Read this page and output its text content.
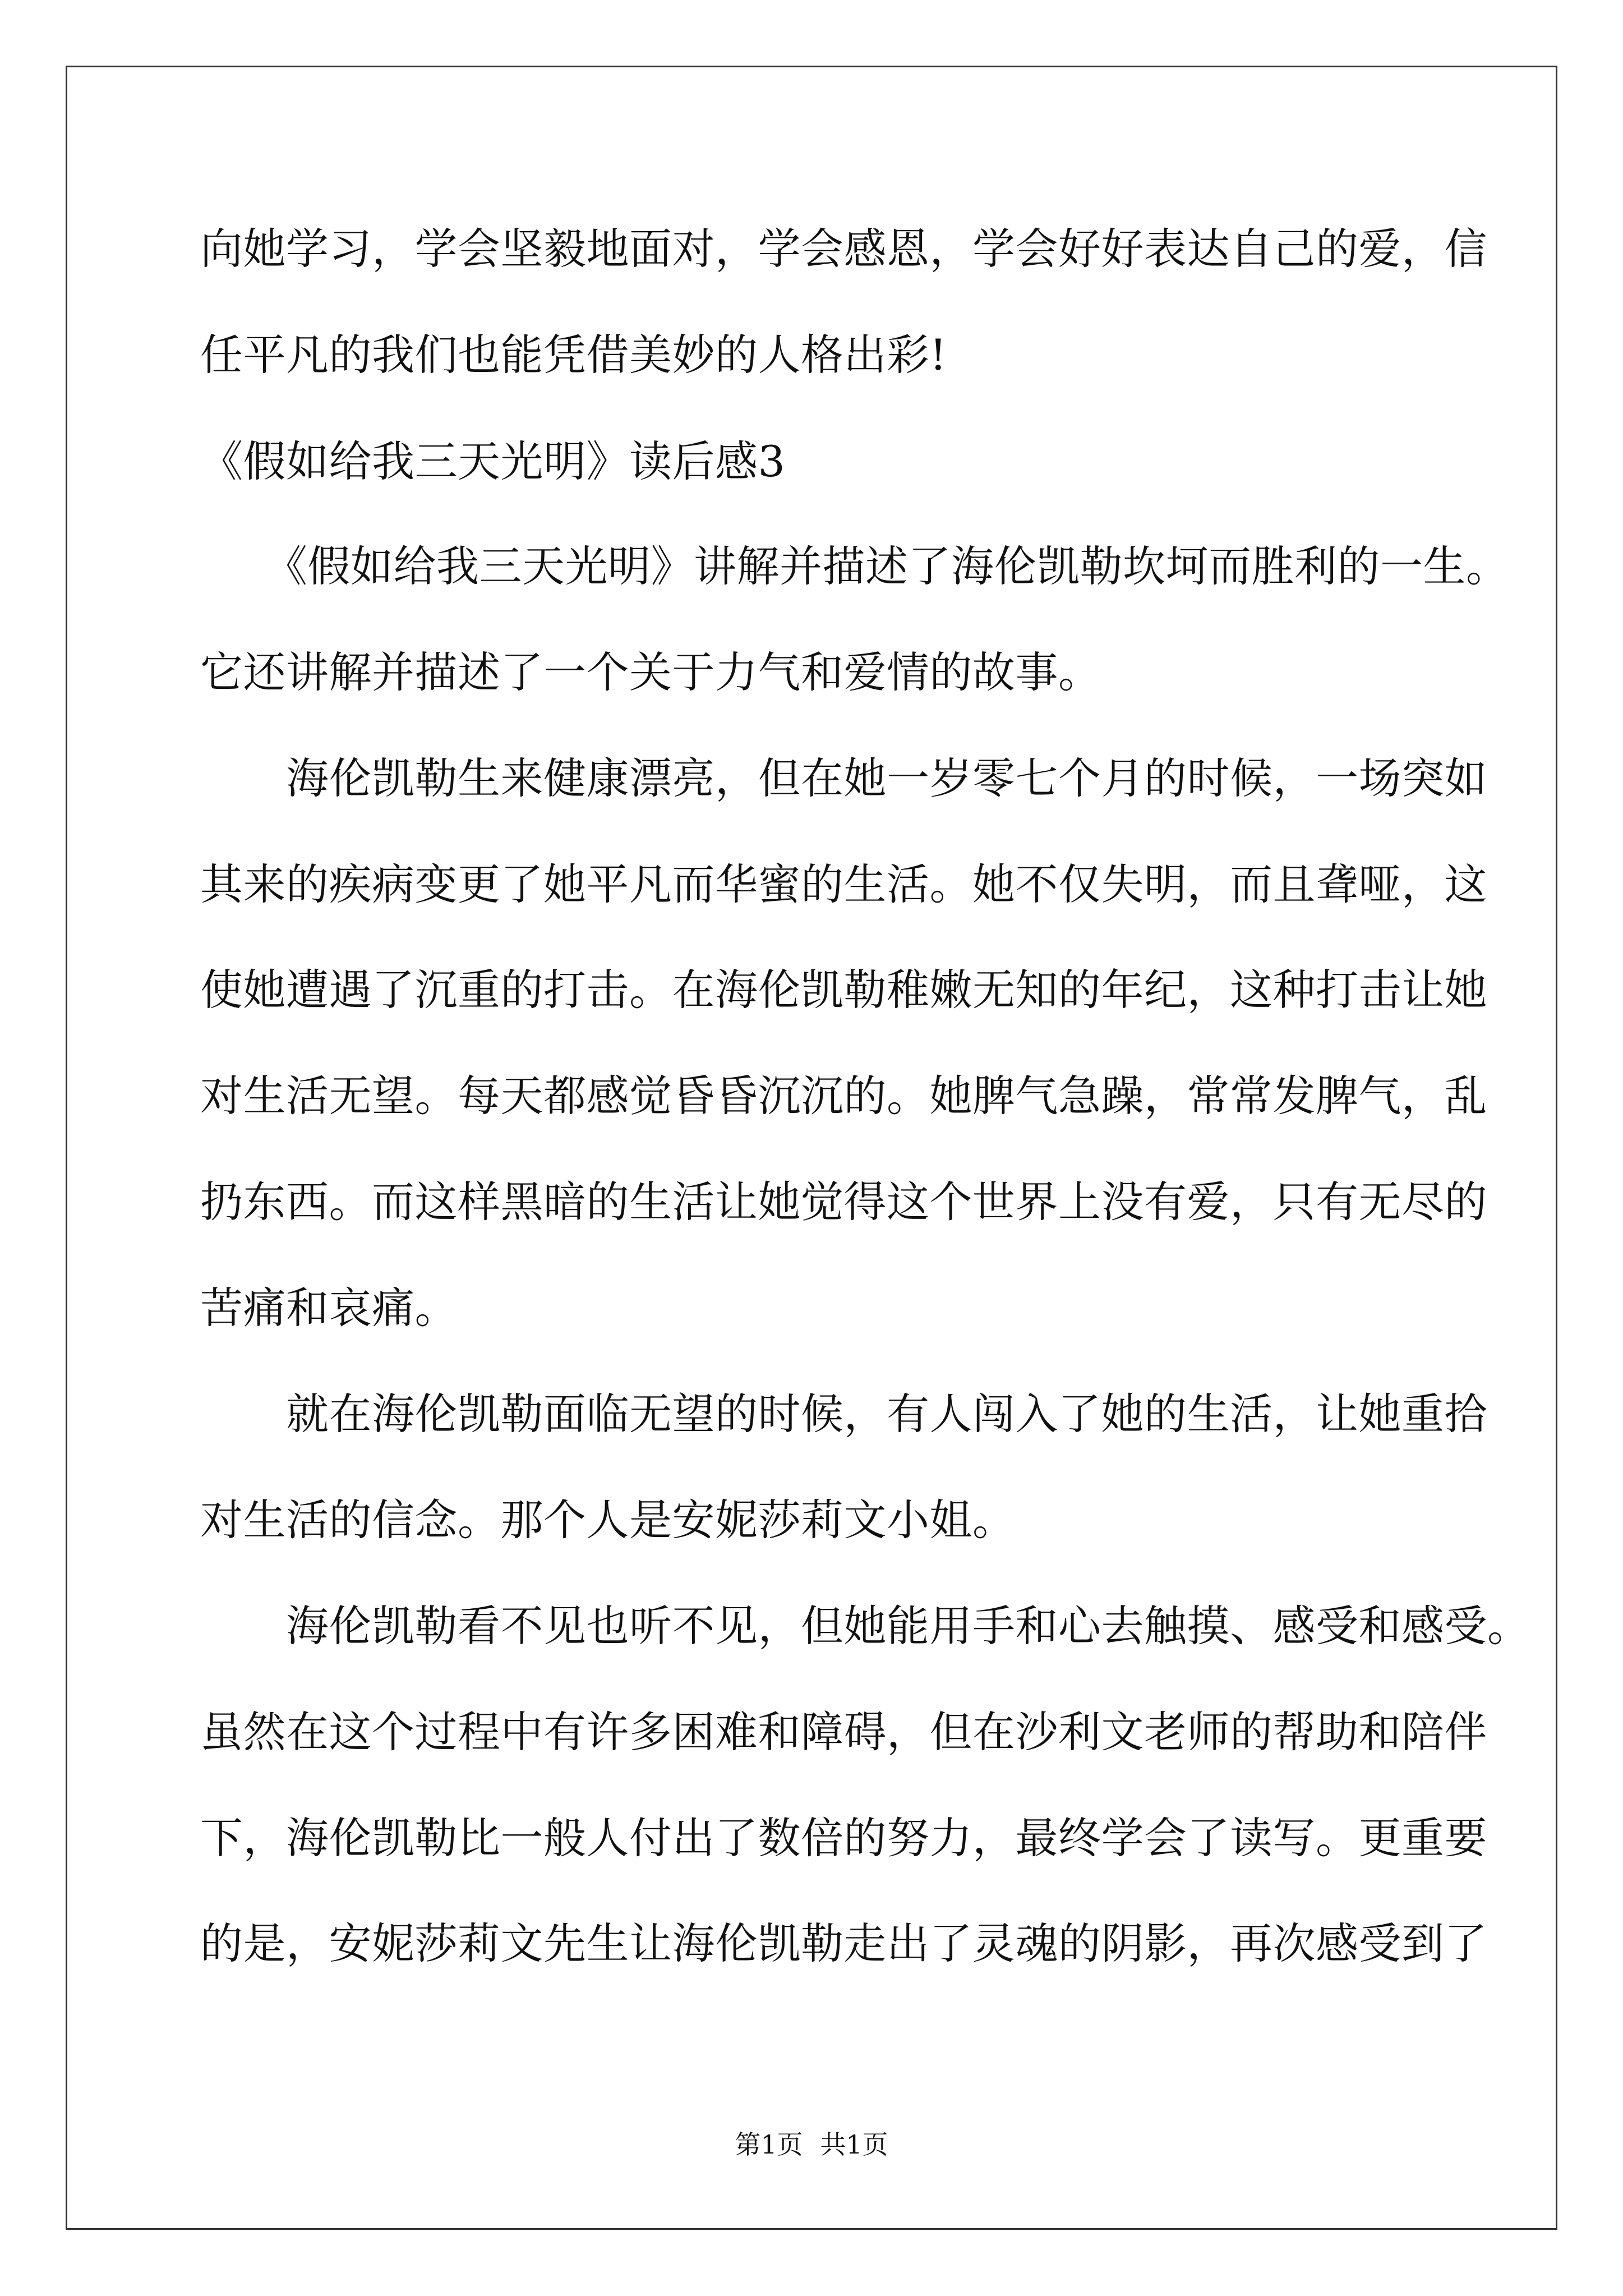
向她学习，学会坚毅地面对，学会感恩，学会好好表达自己的爱，信
任平凡的我们也能凭借美妙的人格出彩!
《假如给我三天光明》读后感3
　　《假如给我三天光明》讲解并描述了海伦凯勒坎坷而胜利的一生。
它还讲解并描述了一个关于力气和爱情的故事。
　　海伦凯勒生来健康漂亮，但在她一岁零七个月的时候，一场突如
其来的疾病变更了她平凡而华蜜的生活。她不仅失明，而且聋哑，这
使她遭遇了沉重的打击。在海伦凯勒稚嫩无知的年纪，这种打击让她
对生活无望。每天都感觉昏昏沉沉的。她脾气急躁，常常发脾气，乱
扔东西。而这样黑暗的生活让她觉得这个世界上没有爱，只有无尽的
苦痛和哀痛。
　　就在海伦凯勒面临无望的时候，有人闯入了她的生活，让她重拾
对生活的信念。那个人是安妮莎莉文小姐。
　　海伦凯勒看不见也听不见，但她能用手和心去触摸、感受和感受。
虽然在这个过程中有许多困难和障碍，但在沙利文老师的帮助和陪伴
下，海伦凯勒比一般人付出了数倍的努力，最终学会了读写。更重要
的是，安妮莎莉文先生让海伦凯勒走出了灵魂的阴影，再次感受到了
第1页 共1页
